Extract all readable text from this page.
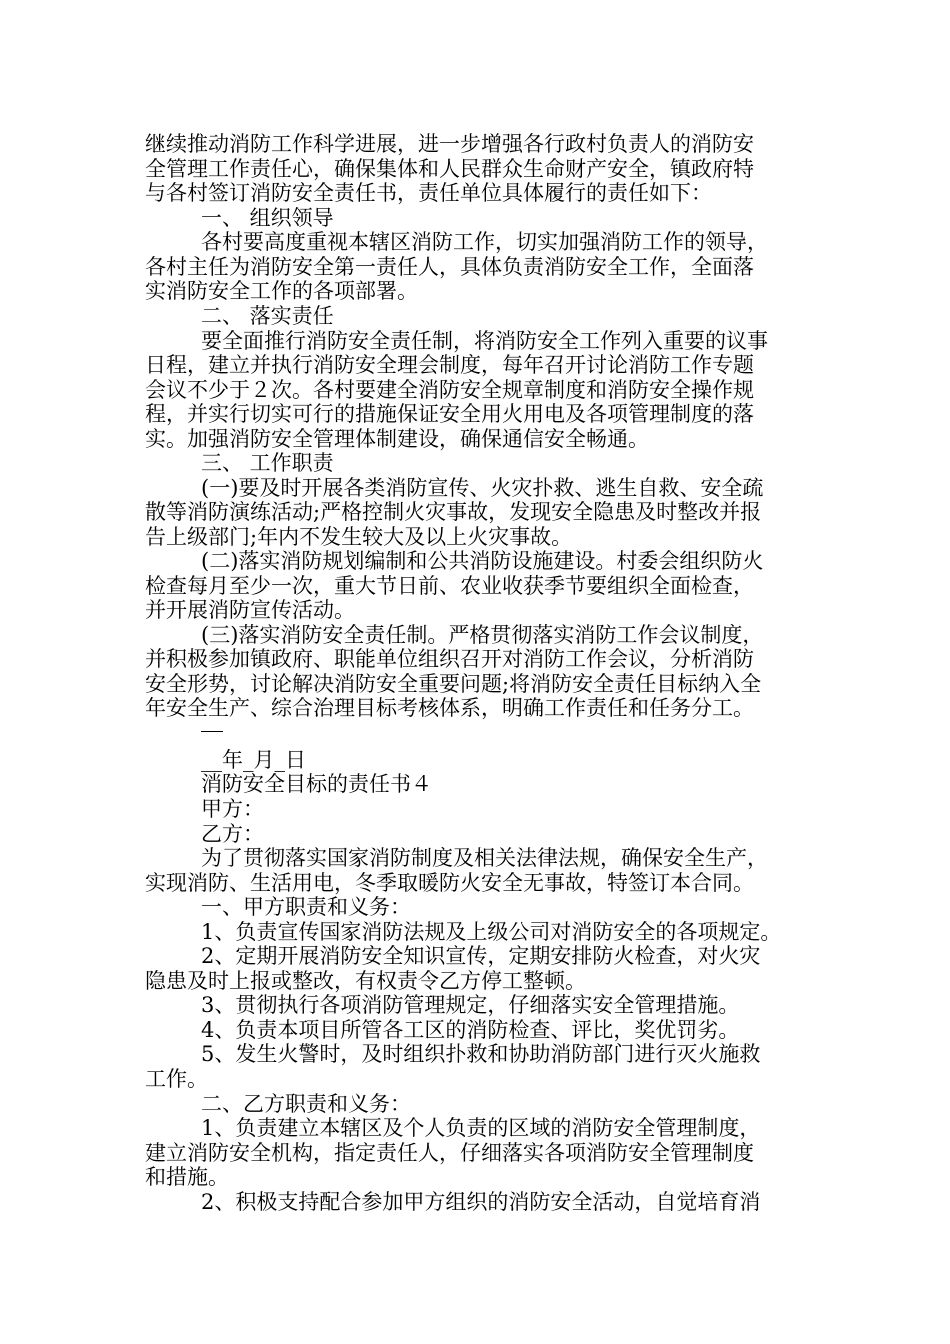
继续推动消防工作科学进展，进一步增强各行政村负责人的消防安

全管理工作责任心，确保集体和人民群众生命财产安全，镇政府特

与各村签订消防安全责任书，责任单位具体履行的责任如下：

一、 组织领导

各村要高度重视本辖区消防工作，切实加强消防工作的领导，

各村主任为消防安全第一责任人，具体负责消防安全工作，全面落

实消防安全工作的各项部署。

二、 落实责任

要全面推行消防安全责任制，将消防安全工作列入重要的议事

日程，建立并执行消防安全理会制度，每年召开讨论消防工作专题

会议不少于２次。各村要建全消防安全规章制度和消防安全操作规

程，并实行切实可行的措施保证安全用火用电及各项管理制度的落

实。加强消防安全管理体制建设，确保通信安全畅通。

三、 工作职责

(一)要及时开展各类消防宣传、火灾扑救、逃生自救、安全疏

散等消防演练活动;严格控制火灾事故，发现安全隐患及时整改并报

告上级部门;年内不发生较大及以上火灾事故。

(二)落实消防规划编制和公共消防设施建设。村委会组织防火

检查每月至少一次，重大节日前、农业收获季节要组织全面检查，

并开展消防宣传活动。

(三)落实消防安全责任制。严格贯彻落实消防工作会议制度，

并积极参加镇政府、职能单位组织召开对消防工作会议，分析消防

安全形势，讨论解决消防安全重要问题;将消防安全责任目标纳入全

年安全生产、综合治理目标考核体系，明确工作责任和任务分工。

__年_月_日

消防安全目标的责任书４

甲方：

乙方：

为了贯彻落实国家消防制度及相关法律法规，确保安全生产，

实现消防、生活用电，冬季取暖防火安全无事故，特签订本合同。

一、甲方职责和义务：

1、负责宣传国家消防法规及上级公司对消防安全的各项规定。

2、定期开展消防安全知识宣传，定期安排防火检查，对火灾

隐患及时上报或整改，有权责令乙方停工整顿。

3、贯彻执行各项消防管理规定，仔细落实安全管理措施。

4、负责本项目所管各工区的消防检查、评比，奖优罚劣。

5、发生火警时，及时组织扑救和协助消防部门进行灭火施救

工作。

二、乙方职责和义务：

1、负责建立本辖区及个人负责的区域的消防安全管理制度，

建立消防安全机构，指定责任人，仔细落实各项消防安全管理制度

和措施。

2、积极支持配合参加甲方组织的消防安全活动，自觉培育消
